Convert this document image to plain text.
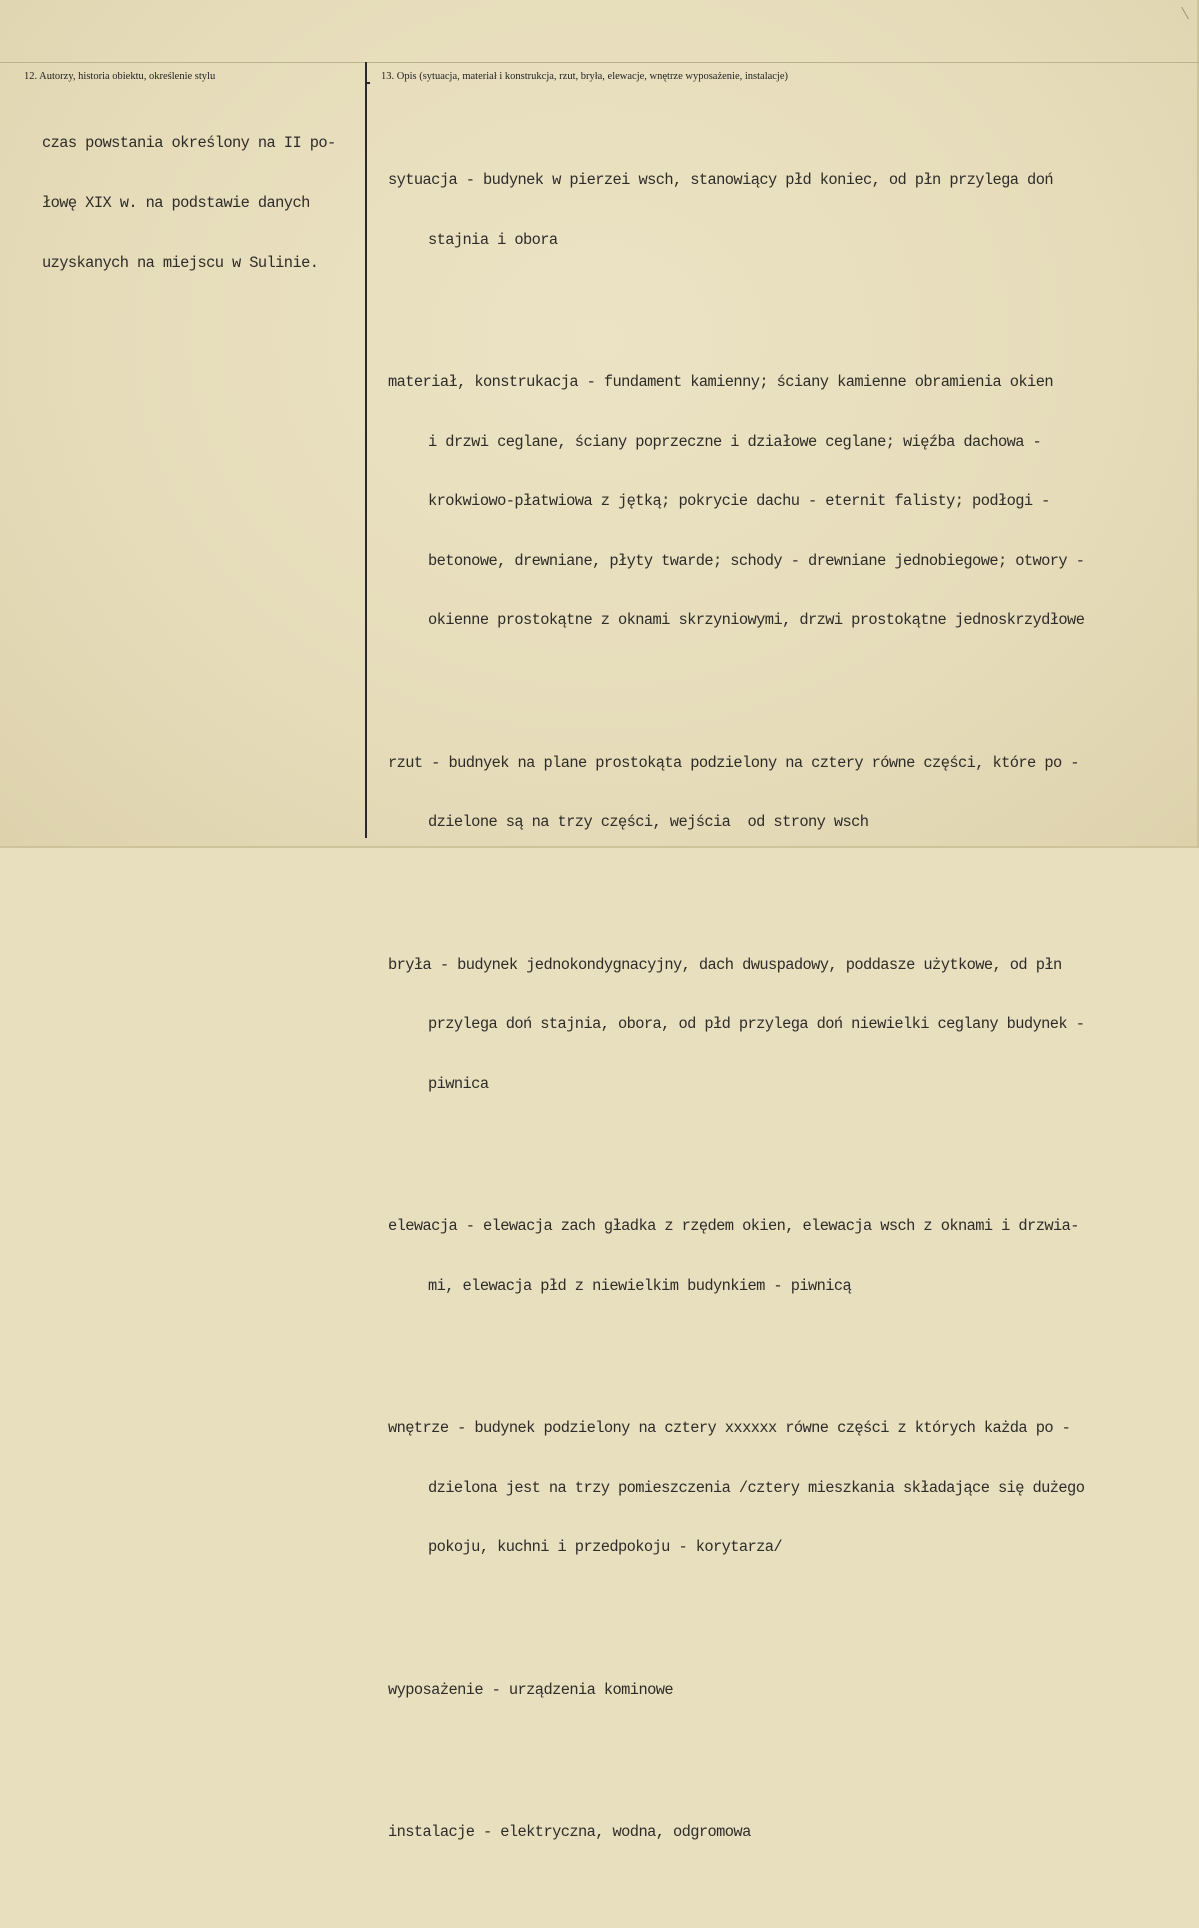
12. Autorzy, historia obiektu, określenie stylu	13. Opis (sytuacja, materiał i konstrukcja, rzut, bryła, elewacje, wnętrze wyposażenie, instalacje)

czas powstania określony na II po-

łowę XIX w. na podstawie danych

uzyskanych na miejscu w Sulinie.

sytuacja - budynek w pierzei wsch, stanowiący płd koniec, od płn przylega doń

stajnia i obora

materiał, konstrukacja - fundament kamienny; ściany kamienne obramienia okien

i drzwi ceglane, ściany poprzeczne i działowe ceglane; więźba dachowa -

krokwiowo-płatwiowa z jętką; pokrycie dachu - eternit falisty; podłogi -

betonowe, drewniane, płyty twarde; schody - drewniane jednobiegowe; otwory -

okienne prostokątne z oknami skrzyniowymi, drzwi prostokątne jednoskrzydłowe

rzut - budnyek na plane prostokąta podzielony na cztery równe części, które po -

dzielone są na trzy części, wejścia  od strony wsch

bryła - budynek jednokondygnacyjny, dach dwuspadowy, poddasze użytkowe, od płn

przylega doń stajnia, obora, od płd przylega doń niewielki ceglany budynek -

piwnica

elewacja - elewacja zach gładka z rzędem okien, elewacja wsch z oknami i drzwia-

mi, elewacja płd z niewielkim budynkiem - piwnicą

wnętrze - budynek podzielony na cztery xxxxxx równe części z których każda po -

dzielona jest na trzy pomieszczenia /cztery mieszkania składające się dużego

pokoju, kuchni i przedpokoju - korytarza/

wyposażenie - urządzenia kominowe

instalacje - elektryczna, wodna, odgromowa
